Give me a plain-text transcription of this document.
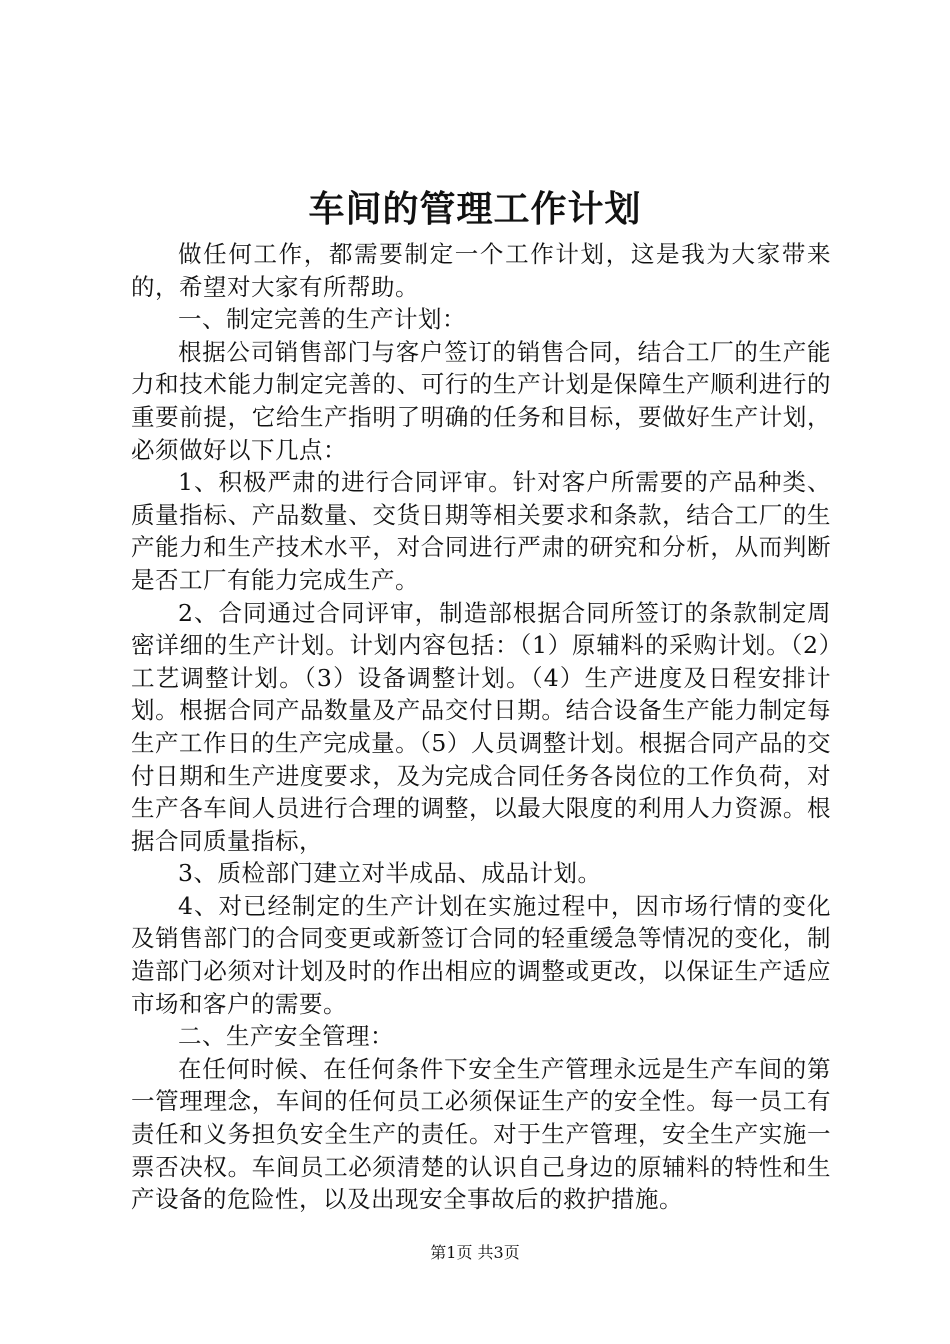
车间的管理工作计划

做任何工作，都需要制定一个工作计划，这是我为大家带来的，希望对大家有所帮助。

一、制定完善的生产计划：

根据公司销售部门与客户签订的销售合同，结合工厂的生产能力和技术能力制定完善的、可行的生产计划是保障生产顺利进行的重要前提，它给生产指明了明确的任务和目标，要做好生产计划，必须做好以下几点：

1、积极严肃的进行合同评审。针对客户所需要的产品种类、质量指标、产品数量、交货日期等相关要求和条款，结合工厂的生产能力和生产技术水平，对合同进行严肃的研究和分析，从而判断是否工厂有能力完成生产。

2、合同通过合同评审，制造部根据合同所签订的条款制定周密详细的生产计划。计划内容包括：（1）原辅料的采购计划。（2）工艺调整计划。（3）设备调整计划。（4）生产进度及日程安排计划。根据合同产品数量及产品交付日期。结合设备生产能力制定每生产工作日的生产完成量。（5）人员调整计划。根据合同产品的交付日期和生产进度要求，及为完成合同任务各岗位的工作负荷，对生产各车间人员进行合理的调整，以最大限度的利用人力资源。根据合同质量指标，

3、质检部门建立对半成品、成品计划。

4、对已经制定的生产计划在实施过程中，因市场行情的变化及销售部门的合同变更或新签订合同的轻重缓急等情况的变化，制造部门必须对计划及时的作出相应的调整或更改，以保证生产适应市场和客户的需要。

二、生产安全管理：

在任何时候、在任何条件下安全生产管理永远是生产车间的第一管理理念，车间的任何员工必须保证生产的安全性。每一员工有责任和义务担负安全生产的责任。对于生产管理，安全生产实施一票否决权。车间员工必须清楚的认识自己身边的原辅料的特性和生产设备的危险性，以及出现安全事故后的救护措施。

第1页 共3页
